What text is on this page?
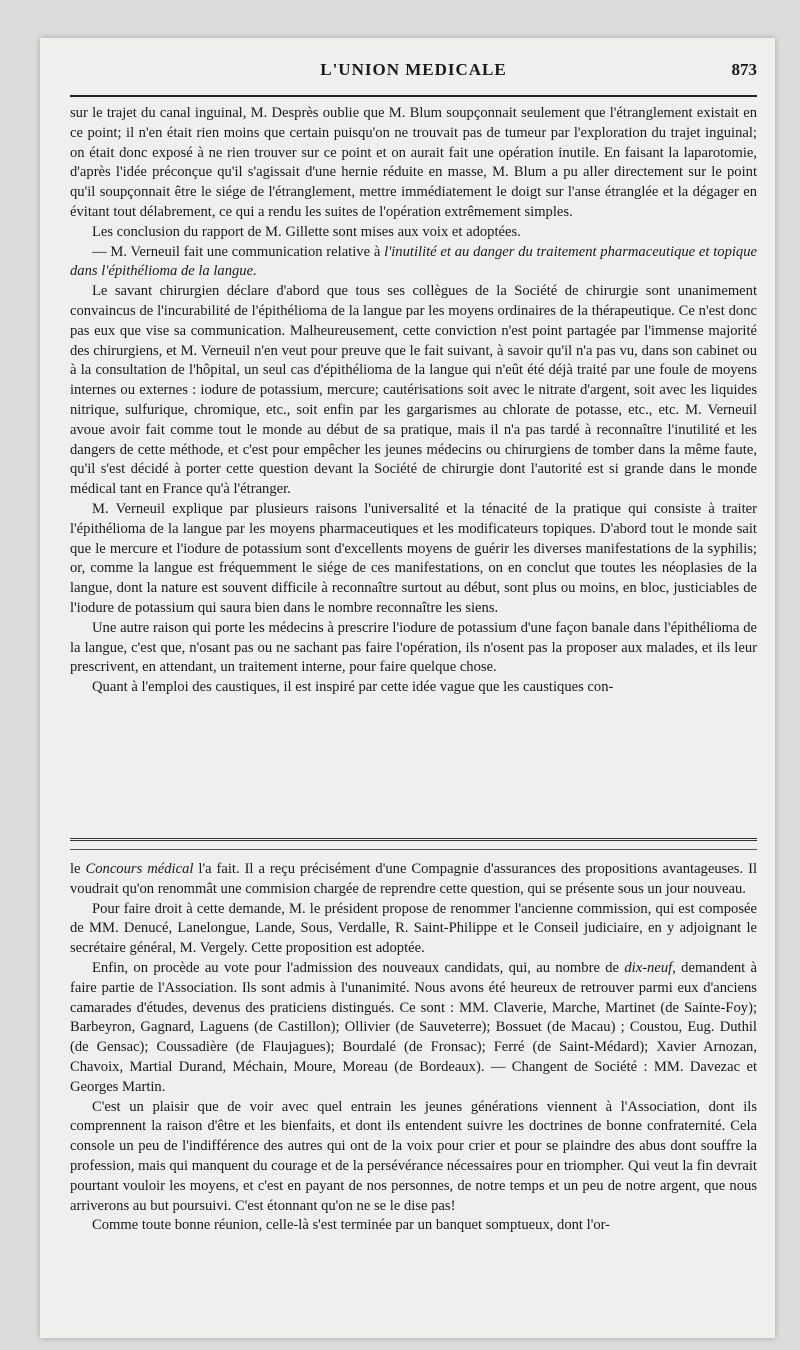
L'UNION MEDICALE	873

sur le trajet du canal inguinal, M. Desprès oublie que M. Blum soupçonnait seulement que l'étranglement existait en ce point; il n'en était rien moins que certain puisqu'on ne trouvait pas de tumeur par l'exploration du trajet inguinal; on était donc exposé à ne rien trouver sur ce point et on aurait fait une opération inutile. En faisant la laparotomie, d'après l'idée préconçue qu'il s'agissait d'une hernie réduite en masse, M. Blum a pu aller directement sur le point qu'il soupçonnait être le siége de l'étranglement, mettre immédiatement le doigt sur l'anse étranglée et la dégager en évitant tout délabrement, ce qui a rendu les suites de l'opération extrêmement simples.

Les conclusion du rapport de M. Gillette sont mises aux voix et adoptées.

— M. Verneuil fait une communication relative à l'inutilité et au danger du traitement pharmaceutique et topique dans l'épithélioma de la langue.

Le savant chirurgien déclare d'abord que tous ses collègues de la Société de chirurgie sont unanimement convaincus de l'incurabilité de l'épithélioma de la langue par les moyens ordinaires de la thérapeutique. Ce n'est donc pas eux que vise sa communication. Malheureusement, cette conviction n'est point partagée par l'immense majorité des chirurgiens, et M. Verneuil n'en veut pour preuve que le fait suivant, à savoir qu'il n'a pas vu, dans son cabinet ou à la consultation de l'hôpital, un seul cas d'épithélioma de la langue qui n'eût été déjà traité par une foule de moyens internes ou externes : iodure de potassium, mercure; cautérisations soit avec le nitrate d'argent, soit avec les liquides nitrique, sulfurique, chromique, etc., soit enfin par les gargarismes au chlorate de potasse, etc., etc. M. Verneuil avoue avoir fait comme tout le monde au début de sa pratique, mais il n'a pas tardé à reconnaître l'inutilité et les dangers de cette méthode, et c'est pour empêcher les jeunes médecins ou chirurgiens de tomber dans la même faute, qu'il s'est décidé à porter cette question devant la Société de chirurgie dont l'autorité est si grande dans le monde médical tant en France qu'à l'étranger.

M. Verneuil explique par plusieurs raisons l'universalité et la ténacité de la pratique qui consiste à traiter l'épithélioma de la langue par les moyens pharmaceutiques et les modificateurs topiques. D'abord tout le monde sait que le mercure et l'iodure de potassium sont d'excellents moyens de guérir les diverses manifestations de la syphilis; or, comme la langue est fréquemment le siége de ces manifestations, on en conclut que toutes les néoplasies de la langue, dont la nature est souvent difficile à reconnaître surtout au début, sont plus ou moins, en bloc, justiciables de l'iodure de potassium qui saura bien dans le nombre reconnaître les siens.

Une autre raison qui porte les médecins à prescrire l'iodure de potassium d'une façon banale dans l'épithélioma de la langue, c'est que, n'osant pas ou ne sachant pas faire l'opération, ils n'osent pas la proposer aux malades, et ils leur prescrivent, en attendant, un traitement interne, pour faire quelque chose.

Quant à l'emploi des caustiques, il est inspiré par cette idée vague que les caustiques con-

le Concours médical l'a fait. Il a reçu précisément d'une Compagnie d'assurances des propositions avantageuses. Il voudrait qu'on renommât une commision chargée de reprendre cette question, qui se présente sous un jour nouveau.

Pour faire droit à cette demande, M. le président propose de renommer l'ancienne commission, qui est composée de MM. Denucé, Lanelongue, Lande, Sous, Verdalle, R. Saint-Philippe et le Conseil judiciaire, en y adjoignant le secrétaire général, M. Vergely. Cette proposition est adoptée.

Enfin, on procède au vote pour l'admission des nouveaux candidats, qui, au nombre de dix-neuf, demandent à faire partie de l'Association. Ils sont admis à l'unanimité. Nous avons été heureux de retrouver parmi eux d'anciens camarades d'études, devenus des praticiens distingués. Ce sont : MM. Claverie, Marche, Martinet (de Sainte-Foy); Barbeyron, Gagnard, Laguens (de Castillon); Ollivier (de Sauveterre); Bossuet (de Macau) ; Coustou, Eug. Duthil (de Gensac); Coussadière (de Flaujagues); Bourdalé (de Fronsac); Ferré (de Saint-Médard); Xavier Arnozan, Chavoix, Martial Durand, Méchain, Moure, Moreau (de Bordeaux). — Changent de Société : MM. Davezac et Georges Martin.

C'est un plaisir que de voir avec quel entrain les jeunes générations viennent à l'Association, dont ils comprennent la raison d'être et les bienfaits, et dont ils entendent suivre les doctrines de bonne confraternité. Cela console un peu de l'indifférence des autres qui ont de la voix pour crier et pour se plaindre des abus dont souffre la profession, mais qui manquent du courage et de la persévérance nécessaires pour en triompher. Qui veut la fin devrait pourtant vouloir les moyens, et c'est en payant de nos personnes, de notre temps et un peu de notre argent, que nous arriverons au but poursuivi. C'est étonnant qu'on ne se le dise pas!

Comme toute bonne réunion, celle-là s'est terminée par un banquet somptueux, dont l'or-
